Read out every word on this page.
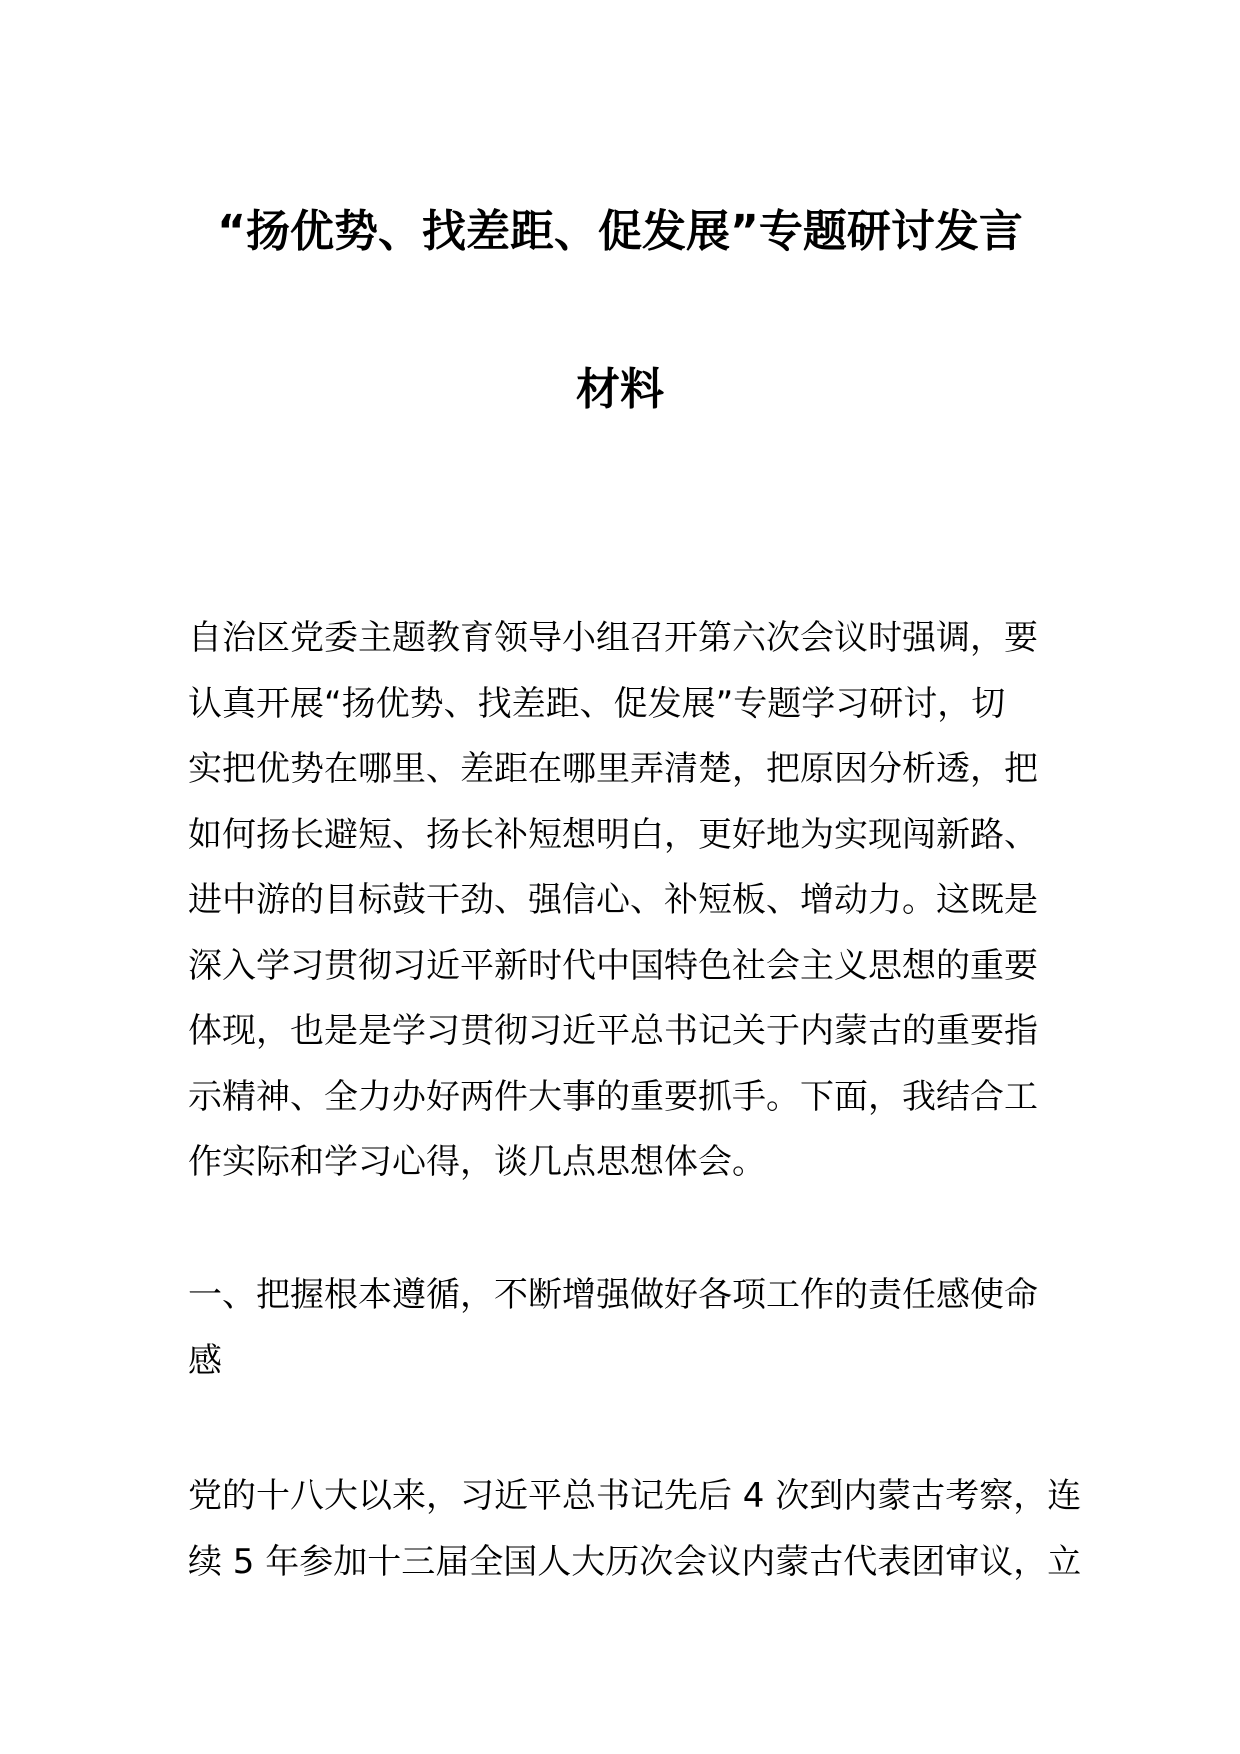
“扬优势、找差距、促发展”专题研讨发言
材料
自治区党委主题教育领导小组召开第六次会议时强调，要
认真开展“扬优势、找差距、促发展”专题学习研讨，切
实把优势在哪里、差距在哪里弄清楚，把原因分析透，把
如何扬长避短、扬长补短想明白，更好地为实现闯新路、
进中游的目标鼓干劲、强信心、补短板、增动力。这既是
深入学习贯彻习近平新时代中国特色社会主义思想的重要
体现，也是是学习贯彻习近平总书记关于内蒙古的重要指
示精神、全力办好两件大事的重要抓手。下面，我结合工
作实际和学习心得，谈几点思想体会。
一、把握根本遵循，不断增强做好各项工作的责任感使命
感
党的十八大以来，习近平总书记先后 4 次到内蒙古考察，连
续 5 年参加十三届全国人大历次会议内蒙古代表团审议，立
